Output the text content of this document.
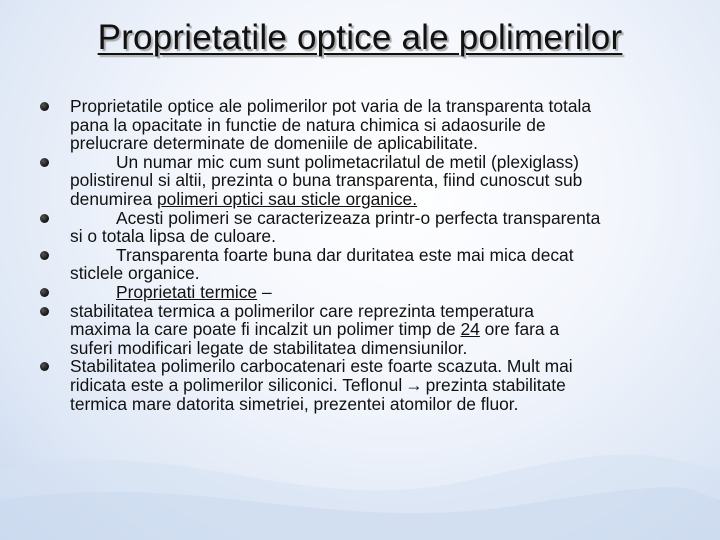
Proprietatile optice ale polimerilor
Proprietatile optice ale polimerilor pot varia de la transparenta totala
pana la opacitate in functie de natura chimica si adaosurile de
prelucrare determinate de domeniile de aplicabilitate.
Un numar mic cum sunt polimetacrilatul de metil (plexiglass)
polistirenul si altii, prezinta o buna transparenta, fiind cunoscut sub
denumirea polimeri optici sau sticle organice.
Acesti polimeri se caracterizeaza printr-o perfecta transparenta
si o totala lipsa de culoare.
Transparenta foarte buna dar duritatea este mai mica decat
sticlele organice.
Proprietati termice –
stabilitatea termica a polimerilor care reprezinta temperatura
maxima la care poate fi incalzit un polimer timp de 24 ore fara a
suferi modificari legate de stabilitatea dimensiunilor.
Stabilitatea polimerilo carbocatenari este foarte scazuta. Mult mai
ridicata este a polimerilor siliconici. Teflonul → prezinta stabilitate
termica mare datorita simetriei, prezentei atomilor de fluor.
